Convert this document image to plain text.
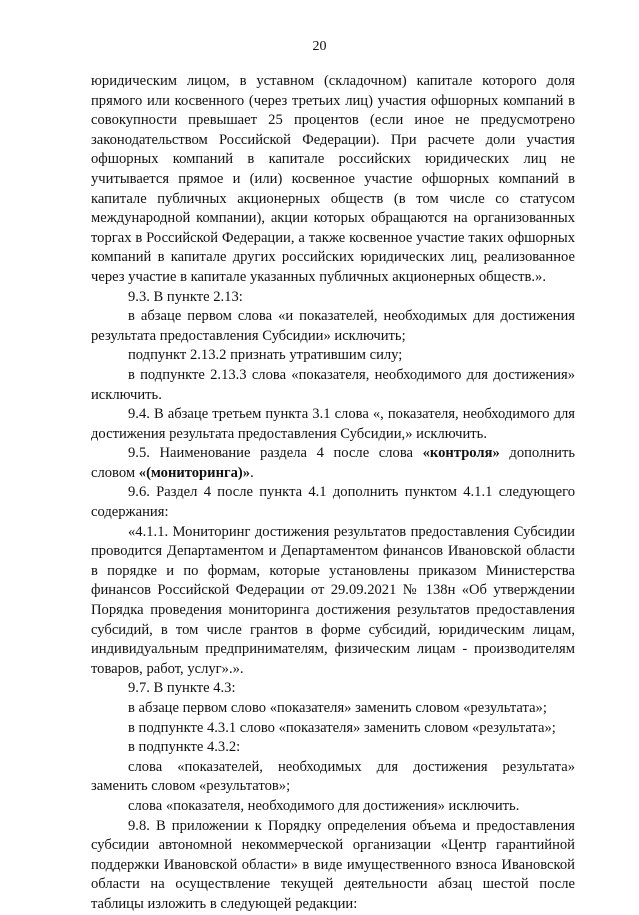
20

юридическим лицом, в уставном (складочном) капитале которого доля прямого или косвенного (через третьих лиц) участия офшорных компаний в совокупности превышает 25 процентов (если иное не предусмотрено законодательством Российской Федерации). При расчете доли участия офшорных компаний в капитале российских юридических лиц не учитывается прямое и (или) косвенное участие офшорных компаний в капитале публичных акционерных обществ (в том числе со статусом международной компании), акции которых обращаются на организованных торгах в Российской Федерации, а также косвенное участие таких офшорных компаний в капитале других российских юридических лиц, реализованное через участие в капитале указанных публичных акционерных обществ.».

9.3. В пункте 2.13:

в абзаце первом слова «и показателей, необходимых для достижения результата предоставления Субсидии» исключить;

подпункт 2.13.2 признать утратившим силу;

в подпункте 2.13.3 слова «показателя, необходимого для достижения» исключить.

9.4. В абзаце третьем пункта 3.1 слова «, показателя, необходимого для достижения результата предоставления Субсидии,» исключить.

9.5. Наименование раздела 4 после слова «контроля» дополнить словом «(мониторинга)».

9.6. Раздел 4 после пункта 4.1 дополнить пунктом 4.1.1 следующего содержания:

«4.1.1. Мониторинг достижения результатов предоставления Субсидии проводится Департаментом и Департаментом финансов Ивановской области в порядке и по формам, которые установлены приказом Министерства финансов Российской Федерации от 29.09.2021 № 138н «Об утверждении Порядка проведения мониторинга достижения результатов предоставления субсидий, в том числе грантов в форме субсидий, юридическим лицам, индивидуальным предпринимателям, физическим лицам - производителям товаров, работ, услуг».».

9.7. В пункте 4.3:

в абзаце первом слово «показателя» заменить словом «результата»;

в подпункте 4.3.1 слово «показателя» заменить словом «результата»;

в подпункте 4.3.2:

слова «показателей, необходимых для достижения результата» заменить словом «результатов»;

слова «показателя, необходимого для достижения» исключить.

9.8. В приложении к Порядку определения объема и предоставления субсидии автономной некоммерческой организации «Центр гарантийной поддержки Ивановской области» в виде имущественного взноса Ивановской области на осуществление текущей деятельности абзац шестой после таблицы изложить в следующей редакции:
